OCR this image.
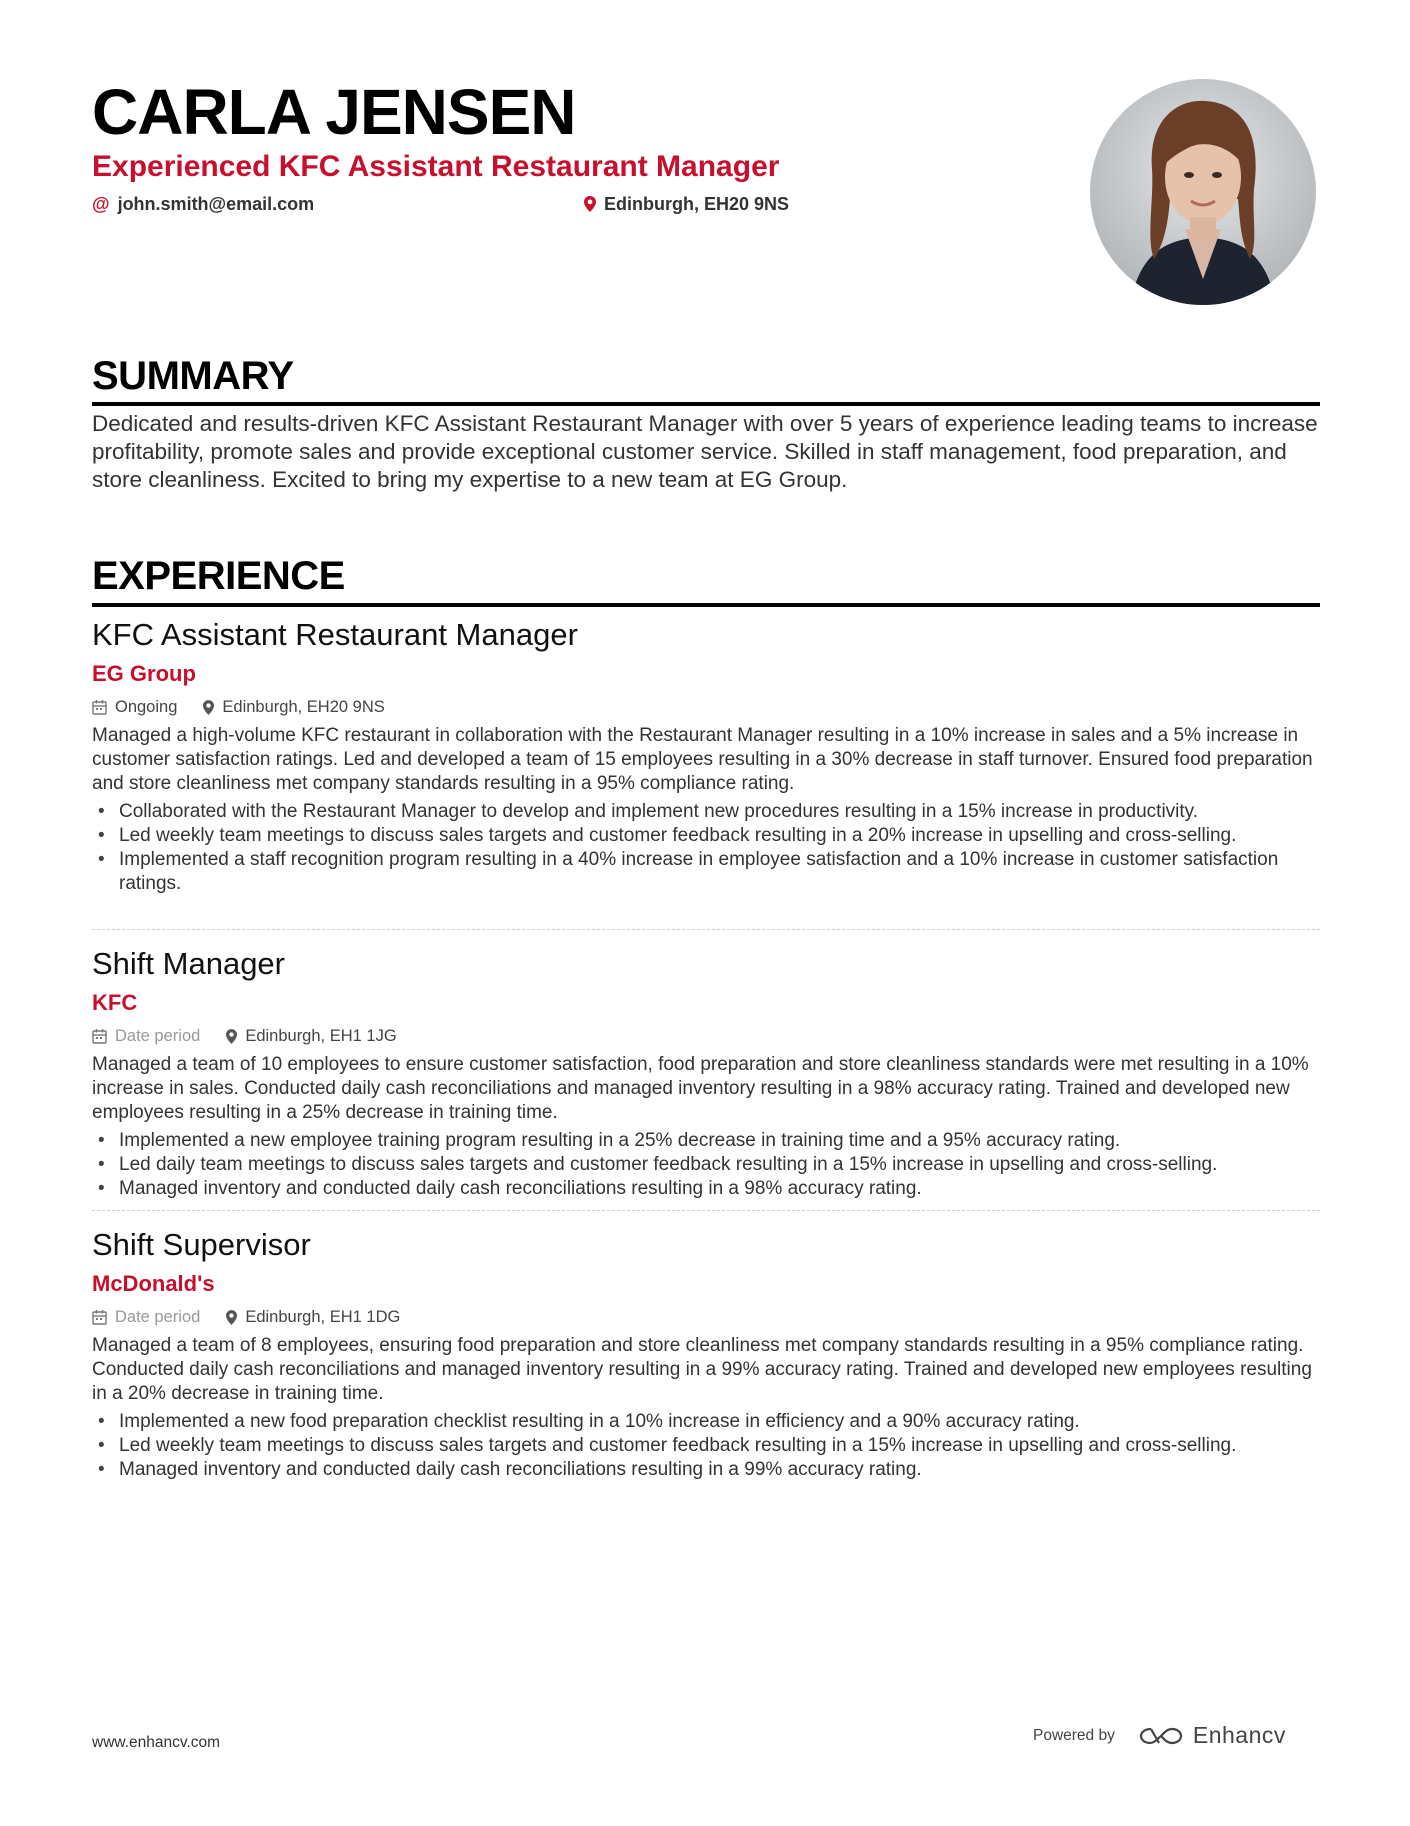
CARLA JENSEN
Experienced KFC Assistant Restaurant Manager
@ john.smith@email.com	Edinburgh, EH20 9NS
SUMMARY
Dedicated and results-driven KFC Assistant Restaurant Manager with over 5 years of experience leading teams to increase profitability, promote sales and provide exceptional customer service. Skilled in staff management, food preparation, and store cleanliness. Excited to bring my expertise to a new team at EG Group.
EXPERIENCE
KFC Assistant Restaurant Manager
EG Group
Ongoing	Edinburgh, EH20 9NS
Managed a high-volume KFC restaurant in collaboration with the Restaurant Manager resulting in a 10% increase in sales and a 5% increase in customer satisfaction ratings. Led and developed a team of 15 employees resulting in a 30% decrease in staff turnover. Ensured food preparation and store cleanliness met company standards resulting in a 95% compliance rating.
• Collaborated with the Restaurant Manager to develop and implement new procedures resulting in a 15% increase in productivity.
• Led weekly team meetings to discuss sales targets and customer feedback resulting in a 20% increase in upselling and cross-selling.
• Implemented a staff recognition program resulting in a 40% increase in employee satisfaction and a 10% increase in customer satisfaction ratings.
Shift Manager
KFC
Date period	Edinburgh, EH1 1JG
Managed a team of 10 employees to ensure customer satisfaction, food preparation and store cleanliness standards were met resulting in a 10% increase in sales. Conducted daily cash reconciliations and managed inventory resulting in a 98% accuracy rating. Trained and developed new employees resulting in a 25% decrease in training time.
• Implemented a new employee training program resulting in a 25% decrease in training time and a 95% accuracy rating.
• Led daily team meetings to discuss sales targets and customer feedback resulting in a 15% increase in upselling and cross-selling.
• Managed inventory and conducted daily cash reconciliations resulting in a 98% accuracy rating.
Shift Supervisor
McDonald's
Date period	Edinburgh, EH1 1DG
Managed a team of 8 employees, ensuring food preparation and store cleanliness met company standards resulting in a 95% compliance rating. Conducted daily cash reconciliations and managed inventory resulting in a 99% accuracy rating. Trained and developed new employees resulting in a 20% decrease in training time.
• Implemented a new food preparation checklist resulting in a 10% increase in efficiency and a 90% accuracy rating.
• Led weekly team meetings to discuss sales targets and customer feedback resulting in a 15% increase in upselling and cross-selling.
• Managed inventory and conducted daily cash reconciliations resulting in a 99% accuracy rating.
www.enhancv.com	Powered by	Enhancv
